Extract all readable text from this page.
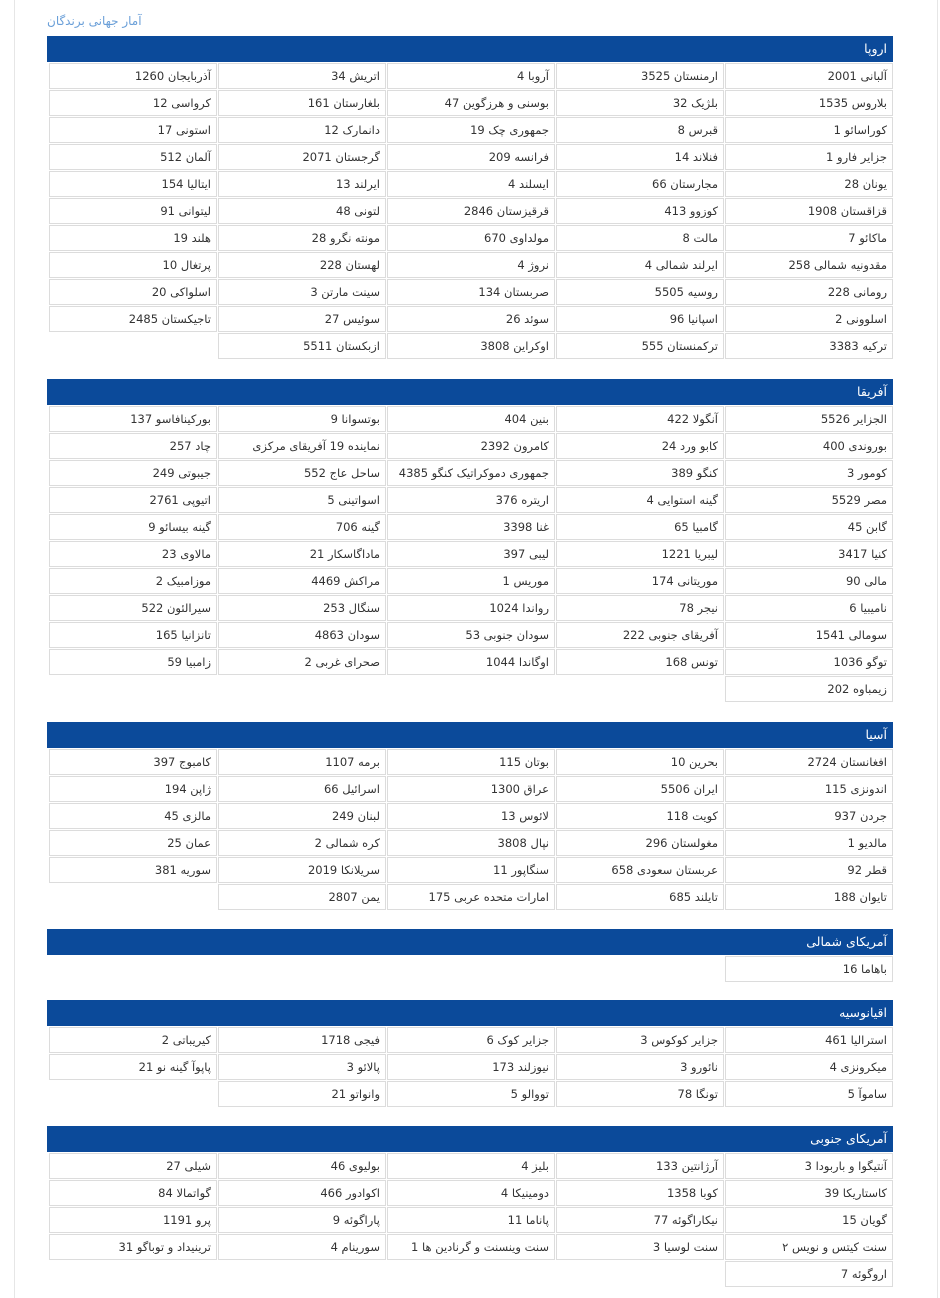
آمار جهانی برندگان
اروپا
آلبانی 2001
ارمنستان 3525
آروبا 4
اتریش 34
آذربایجان 1260
بلاروس 1535
بلژیک 32
بوسنی و هرزگوین 47
بلغارستان 161
کرواسی 12
کوراسائو 1
قبرس 8
جمهوری چک 19
دانمارک 12
استونی 17
جزایر فارو 1
فنلاند 14
فرانسه 209
گرجستان 2071
آلمان 512
یونان 28
مجارستان 66
ایسلند 4
ایرلند 13
ایتالیا 154
قزاقستان 1908
کوزوو 413
قرقیزستان 2846
لتونی 48
لیتوانی 91
ماکائو 7
مالت 8
مولداوی 670
مونته نگرو 28
هلند 19
مقدونیه شمالی 258
ایرلند شمالی 4
نروژ 4
لهستان 228
پرتغال 10
رومانی 228
روسیه 5505
صربستان 134
سینت مارتن 3
اسلواکی 20
اسلوونی 2
اسپانیا 96
سوئد 26
سوئیس 27
تاجیکستان 2485
ترکیه 3383
ترکمنستان 555
اوکراین 3808
ازبکستان 5511
آفریقا
الجزایر 5526
آنگولا 422
بنین 404
بوتسوانا 9
بورکینافاسو 137
بوروندی 400
کابو ورد 24
کامرون 2392
نماینده 19 آفریقای مرکزی
چاد 257
کومور 3
کنگو 389
جمهوری دموکراتیک کنگو 4385
ساحل عاج 552
جیبوتی 249
مصر 5529
گینه استوایی 4
اریتره 376
اسواتینی 5
اتیوپی 2761
گابن 45
گامبیا 65
غنا 3398
گینه 706
گینه بیسائو 9
کنیا 3417
لیبریا 1221
لیبی 397
ماداگاسکار 21
مالاوی 23
مالی 90
موریتانی 174
موریس 1
مراکش 4469
موزامبیک 2
نامیبیا 6
نیجر 78
رواندا 1024
سنگال 253
سیرالئون 522
سومالی 1541
آفریقای جنوبی 222
سودان جنوبی 53
سودان 4863
تانزانیا 165
توگو 1036
تونس 168
اوگاندا 1044
صحرای غربی 2
زامبیا 59
زیمباوه 202
آسیا
افغانستان 2724
بحرین 10
بوتان 115
برمه 1107
کامبوج 397
اندونزی 115
ایران 5506
عراق 1300
اسرائیل 66
ژاپن 194
جردن 937
کویت 118
لائوس 13
لبنان 249
مالزی 45
مالدیو 1
مغولستان 296
نپال 3808
کره شمالی 2
عمان 25
قطر 92
عربستان سعودی 658
سنگاپور 11
سریلانکا 2019
سوریه 381
تایوان 188
تایلند 685
امارات متحده عربی 175
یمن 2807
آمریکای شمالی
باهاما 16
اقیانوسیه
استرالیا 461
جزایر کوکوس 3
جزایر کوک 6
فیجی 1718
کیریباتی 2
میکرونزی 4
نائورو 3
نیوزلند 173
پالائو 3
پاپوآ گینه نو 21
ساموآ 5
تونگا 78
تووالو 5
وانواتو 21
آمریکای جنوبی
آنتیگوا و باربودا 3
آرژانتین 133
بلیز 4
بولیوی 46
شیلی 27
کاستاریکا 39
کوبا 1358
دومینیکا 4
اکوادور 466
گواتمالا 84
گویان 15
نیکاراگوئه 77
پاناما 11
پاراگوئه 9
پرو 1191
سنت کیتس و نویس ۲
سنت لوسیا 3
سنت وینسنت و گرنادین ها 1
سورینام 4
ترینیداد و توباگو 31
اروگوئه 7
